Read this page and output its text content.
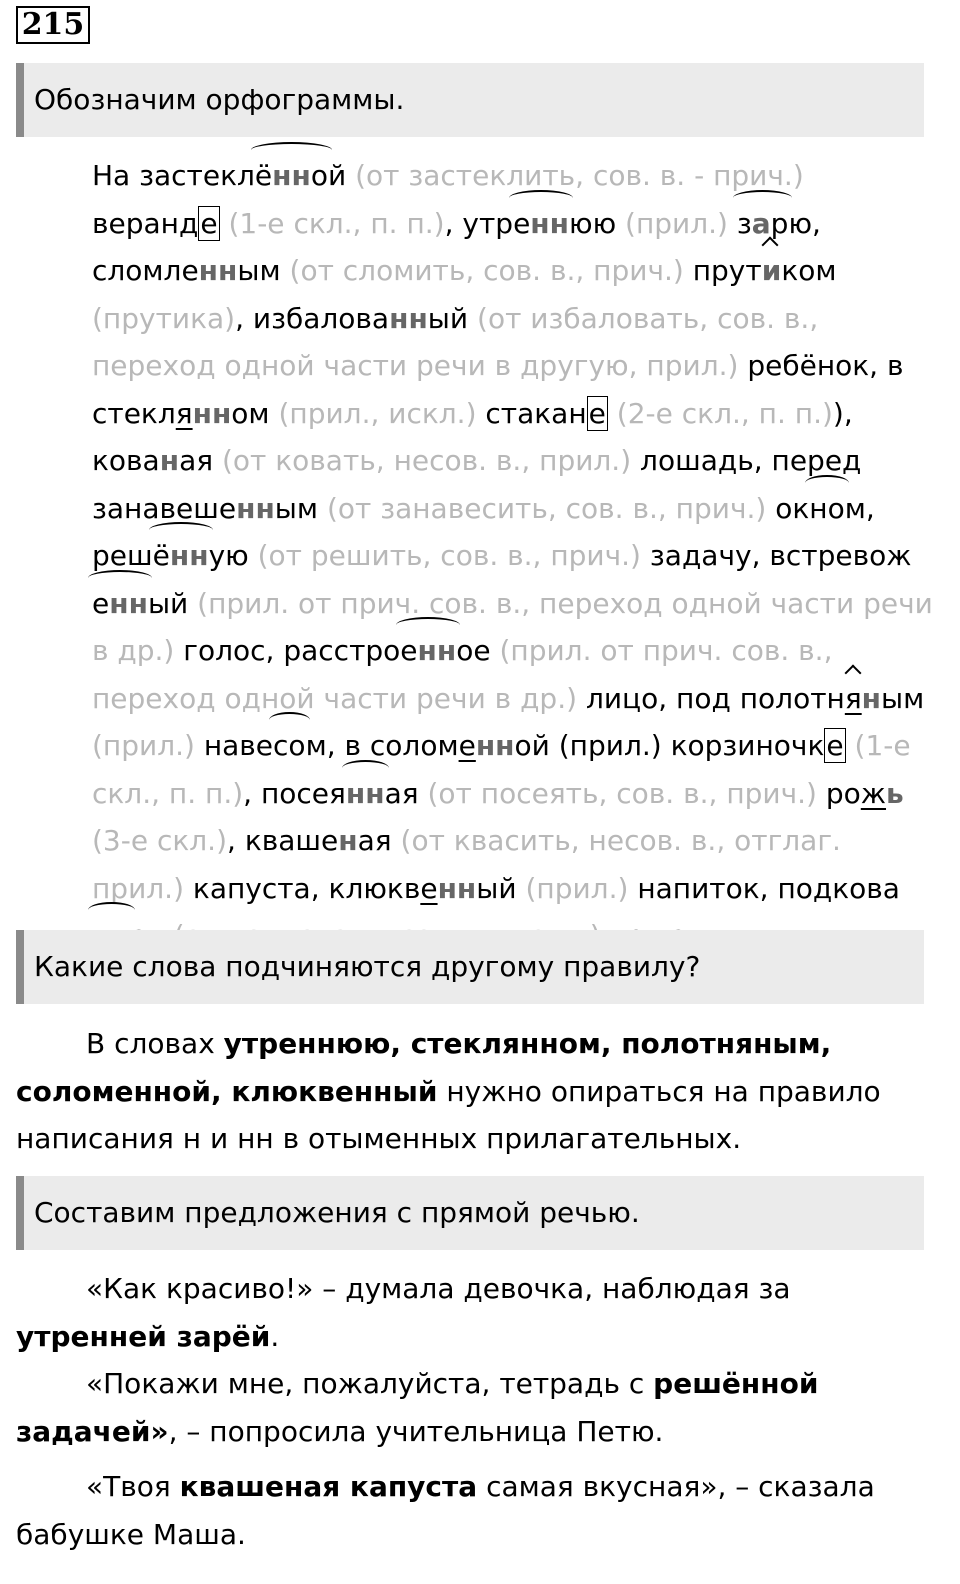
215
Обозначим орфограммы.
На застеклённой (от застеклить, сов. в. - прич.) веранде (1-е скл., п. п.), утреннюю (прил.) зарю, сломленным (от сломить, сов. в., прич.) прутиком (прутика), избалованный (от избаловать, сов. в., переход одной части речи в другую, прил.) ребёнок, в стеклянном (прил., искл.) стакане (2-е скл., п. п.)), кованая (от ковать, несов. в., прил.) лошадь, перед занавешенным (от занавесить, сов. в., прич.) окном, решённую (от решить, сов. в., прич.) задачу, встревоженный (прил. от прич. сов. в., переход одной части речи в др.) голос, расстроенное (прил. от прич. сов. в., переход одной части речи в др.) лицо, под полотняным (прил.) навесом, в соломенной (прил.) корзиночке (1-е скл., п. п.), посеянная (от посеять, сов. в., прич.) рожь (3-е скл.), квашеная (от квасить, несов. в., отглаг. прил.) капуста, клюквенный (прил.) напиток, подкова
Какие слова подчиняются другому правилу?
В словах утреннюю, стеклянном, полотняным, соломенной, клюквенный нужно опираться на правило написания н и нн в отыменных прилагательных.
Составим предложения с прямой речью.
«Как красиво!» – думала девочка, наблюдая за утренней зарёй.
«Покажи мне, пожалуйста, тетрадь с решённой задачей», – попросила учительница Петю.
«Твоя квашеная капуста самая вкусная», – сказала бабушке Маша.
